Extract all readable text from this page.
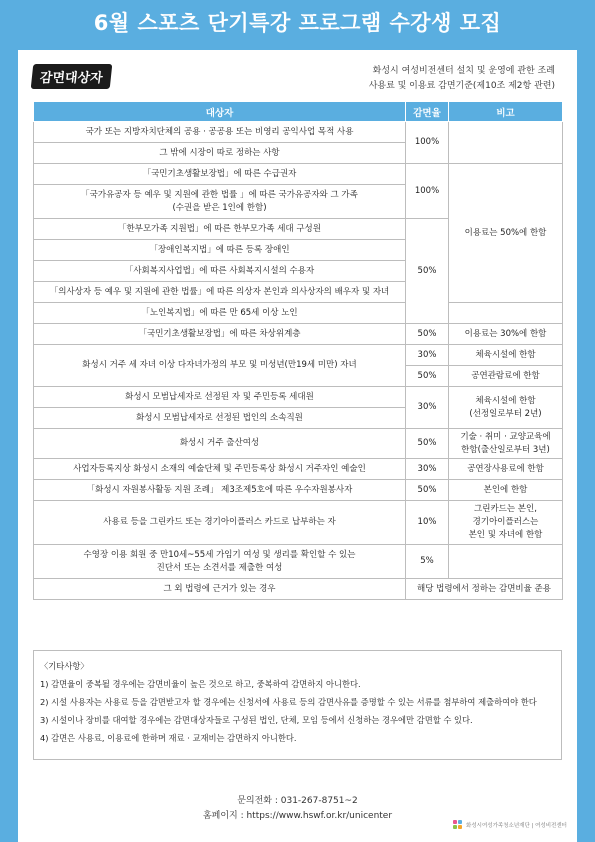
6월 스포츠 단기특강 프로그램 수강생 모집
감면대상자	화성시 여성비전센터 설치 및 운영에 관한 조례
사용료 및 이용료 감면기준(제10조 제2항 관련)
대상자	감면율	비고
국가 또는 지방자치단체의 공용 · 공공용 또는 비영리 공익사업 목적 사용	100%	
그 밖에 시장이 따로 정하는 사항		
「국민기초생활보장법」에 따른 수급권자	100%	이용료는 50%에 한함
「국가유공자 등 예우 및 지원에 관한 법률 」에 따른 국가유공자와 그 가족
(수권을 받은 1인에 한함)		
「한부모가족 지원법」에 따른 한부모가족 세대 구성원	50%	
「장애인복지법」에 따른 등록 장애인		
「사회복지사업법」에 따른 사회복지시설의 수용자		
「의사상자 등 예우 및 지원에 관한 법률」에 따른 의상자 본인과 의사상자의 배우자 및 자녀		
「노인복지법」에 따른 만 65세 이상 노인		
「국민기초생활보장법」에 따른 차상위계층	50%	이용료는 30%에 한함
화성시 거주 세 자녀 이상 다자녀가정의 부모 및 미성년(만19세 미만) 자녀	30%	체육시설에 한함
	50%	공연관람료에 한함
화성시 모범납세자로 선정된 자 및 주민등록 세대원	30%	체육시설에 한함
(선정일로부터 2년)
화성시 모범납세자로 선정된 법인의 소속직원		
화성시 거주 출산여성	50%	기술 · 취미 · 교양교육에
한함(출산일로부터 3년)
사업자등록지상 화성시 소재의 예술단체 및 주민등록상 화성시 거주자인 예술인	30%	공연장사용료에 한함
「화성시 자원봉사활동 지원 조례」 제3조제5호에 따른 우수자원봉사자	50%	본인에 한함
사용료 등을 그린카드 또는 경기아이플러스 카드로 납부하는 자	10%	그린카드는 본인,
경기아이플러스는
본인 및 자녀에 한함
수영장 이용 회원 중 만10세~55세 가임기 여성 및 생리를 확인할 수 있는
진단서 또는 소견서를 제출한 여성	5%	
그 외 법령에 근거가 있는 경우	해당 법령에서 정하는 감면비율 준용	
〈기타사항〉
1) 감면율이 중복될 경우에는 감면비율이 높은 것으로 하고, 중복하여 감면하지 아니한다.
2) 시설 사용자는 사용료 등을 감면받고자 할 경우에는 신청서에 사용료 등의 감면사유를 증명할 수 있는 서류를 첨부하여 제출하여야 한다
3) 시설이나 장비를 대여할 경우에는 감면대상자들로 구성된 법인, 단체, 모임 등에서 신청하는 경우에만 감면할 수 있다.
4) 감면은 사용료, 이용료에 한하며 재료 · 교재비는 감면하지 아니한다.
문의전화 : 031-267-8751~2
홈페이지 : https://www.hswf.or.kr/unicenter
화성시여성가족청소년재단 | 여성비전센터
